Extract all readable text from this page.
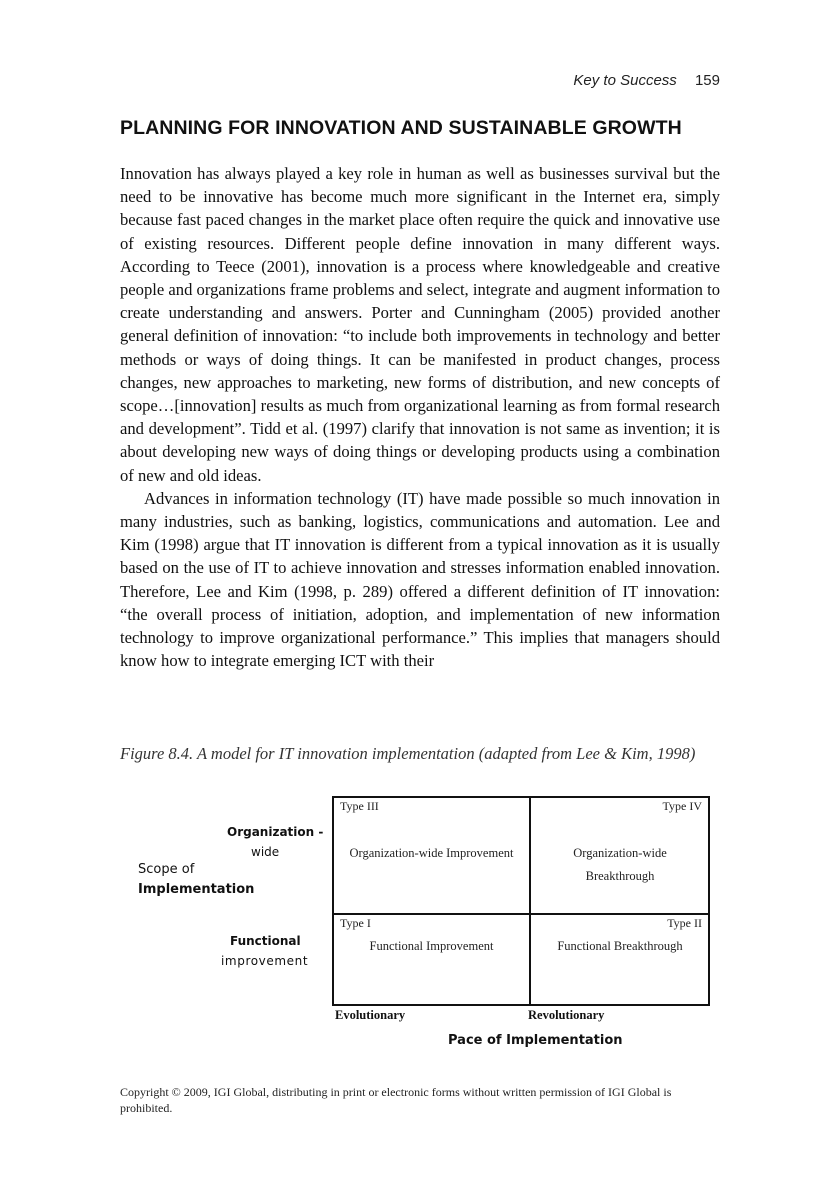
Key to Success 159
PLANNING FOR INNOVATION AND SUSTAINABLE GROWTH

Innovation has always played a key role in human as well as businesses survival but the need to be innovative has become much more significant in the Internet era, simply because fast paced changes in the market place often require the quick and innovative use of existing resources. Different people define innovation in many different ways. According to Teece (2001), innovation is a process where knowledgeable and creative people and organizations frame problems and select, integrate and augment information to create understanding and answers. Porter and Cunningham (2005) provided another general definition of innovation: “to include both improvements in technology and better methods or ways of doing things. It can be manifested in product changes, process changes, new approaches to marketing, new forms of distribution, and new concepts of scope…[innovation] results as much from organizational learning as from formal research and development”. Tidd et al. (1997) clarify that innovation is not same as invention; it is about developing new ways of doing things or developing products using a combination of new and old ideas.

Advances in information technology (IT) have made possible so much innovation in many industries, such as banking, logistics, communications and automation. Lee and Kim (1998) argue that IT innovation is different from a typical innovation as it is usually based on the use of IT to achieve innovation and stresses information enabled innovation. Therefore, Lee and Kim (1998, p. 289) offered a different definition of IT innovation: “the overall process of initiation, adoption, and implementation of new information technology to improve organizational performance.” This implies that managers should know how to integrate emerging ICT with their

Figure 8.4. A model for IT innovation implementation (adapted from Lee & Kim, 1998)
Organization -
wide
Scope of
Implementation
Functional
improvement
Type III
Organization-wide Improvement
Type IV
Organization-wide
Breakthrough
Type I
Functional Improvement
Type II
Functional Breakthrough
Evolutionary	Revolutionary
Pace of Implementation
Copyright © 2009, IGI Global, distributing in print or electronic forms without written permission of IGI Global is prohibited.
